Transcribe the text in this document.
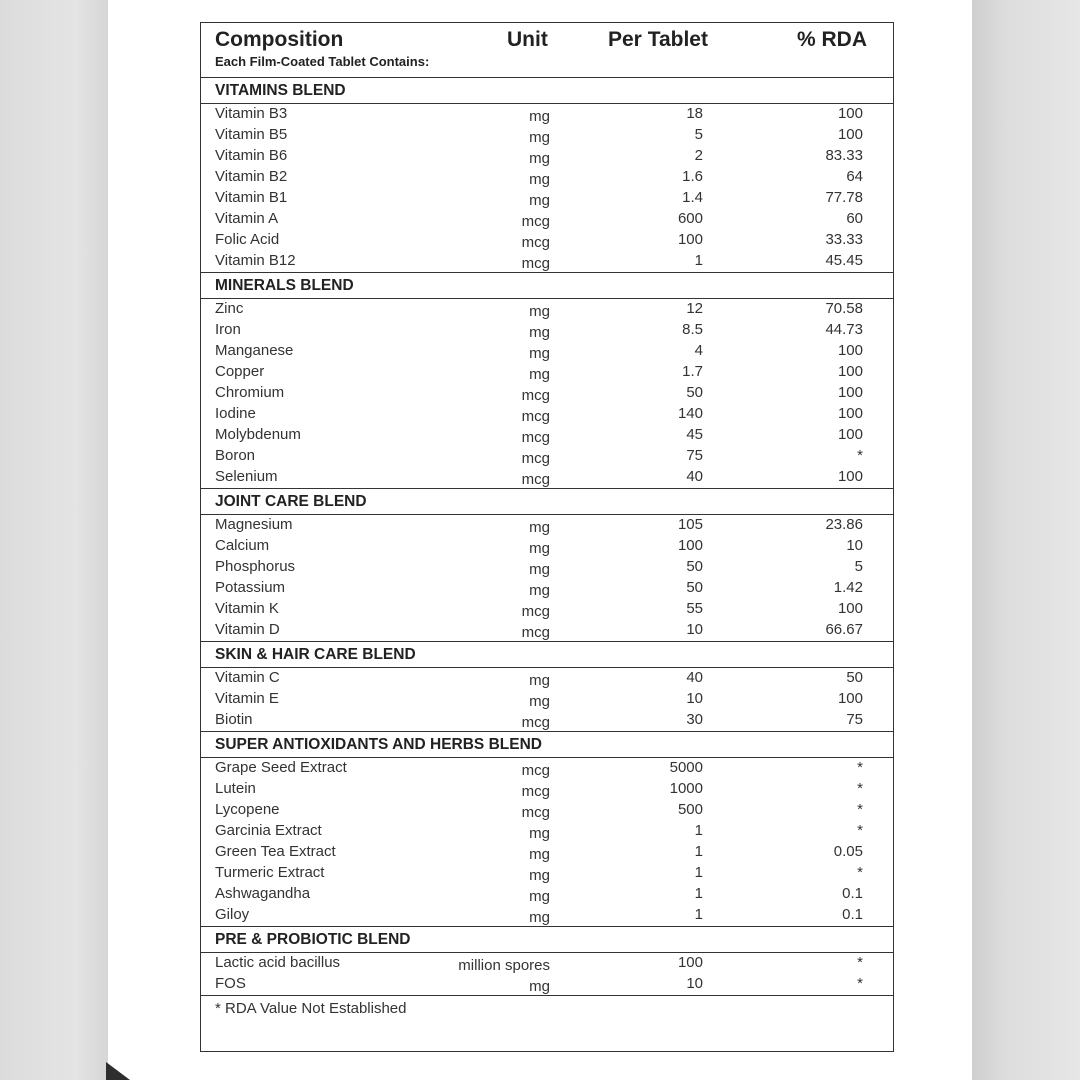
Composition	Unit	Per Tablet	% RDA
Each Film-Coated Tablet Contains:
VITAMINS BLEND
Vitamin B3	mg	18	100
Vitamin B5	mg	5	100
Vitamin B6	mg	2	83.33
Vitamin B2	mg	1.6	64
Vitamin B1	mg	1.4	77.78
Vitamin A	mcg	600	60
Folic Acid	mcg	100	33.33
Vitamin B12	mcg	1	45.45
MINERALS BLEND
Zinc	mg	12	70.58
Iron	mg	8.5	44.73
Manganese	mg	4	100
Copper	mg	1.7	100
Chromium	mcg	50	100
Iodine	mcg	140	100
Molybdenum	mcg	45	100
Boron	mcg	75	*
Selenium	mcg	40	100
JOINT CARE BLEND
Magnesium	mg	105	23.86
Calcium	mg	100	10
Phosphorus	mg	50	5
Potassium	mg	50	1.42
Vitamin K	mcg	55	100
Vitamin D	mcg	10	66.67
SKIN & HAIR CARE BLEND
Vitamin C	mg	40	50
Vitamin E	mg	10	100
Biotin	mcg	30	75
SUPER ANTIOXIDANTS AND HERBS BLEND
Grape Seed Extract	mcg	5000	*
Lutein	mcg	1000	*
Lycopene	mcg	500	*
Garcinia Extract	mg	1	*
Green Tea Extract	mg	1	0.05
Turmeric Extract	mg	1	*
Ashwagandha	mg	1	0.1
Giloy	mg	1	0.1
PRE & PROBIOTIC BLEND
Lactic acid bacillus	million spores	100	*
FOS	mg	10	*
* RDA Value Not Established
